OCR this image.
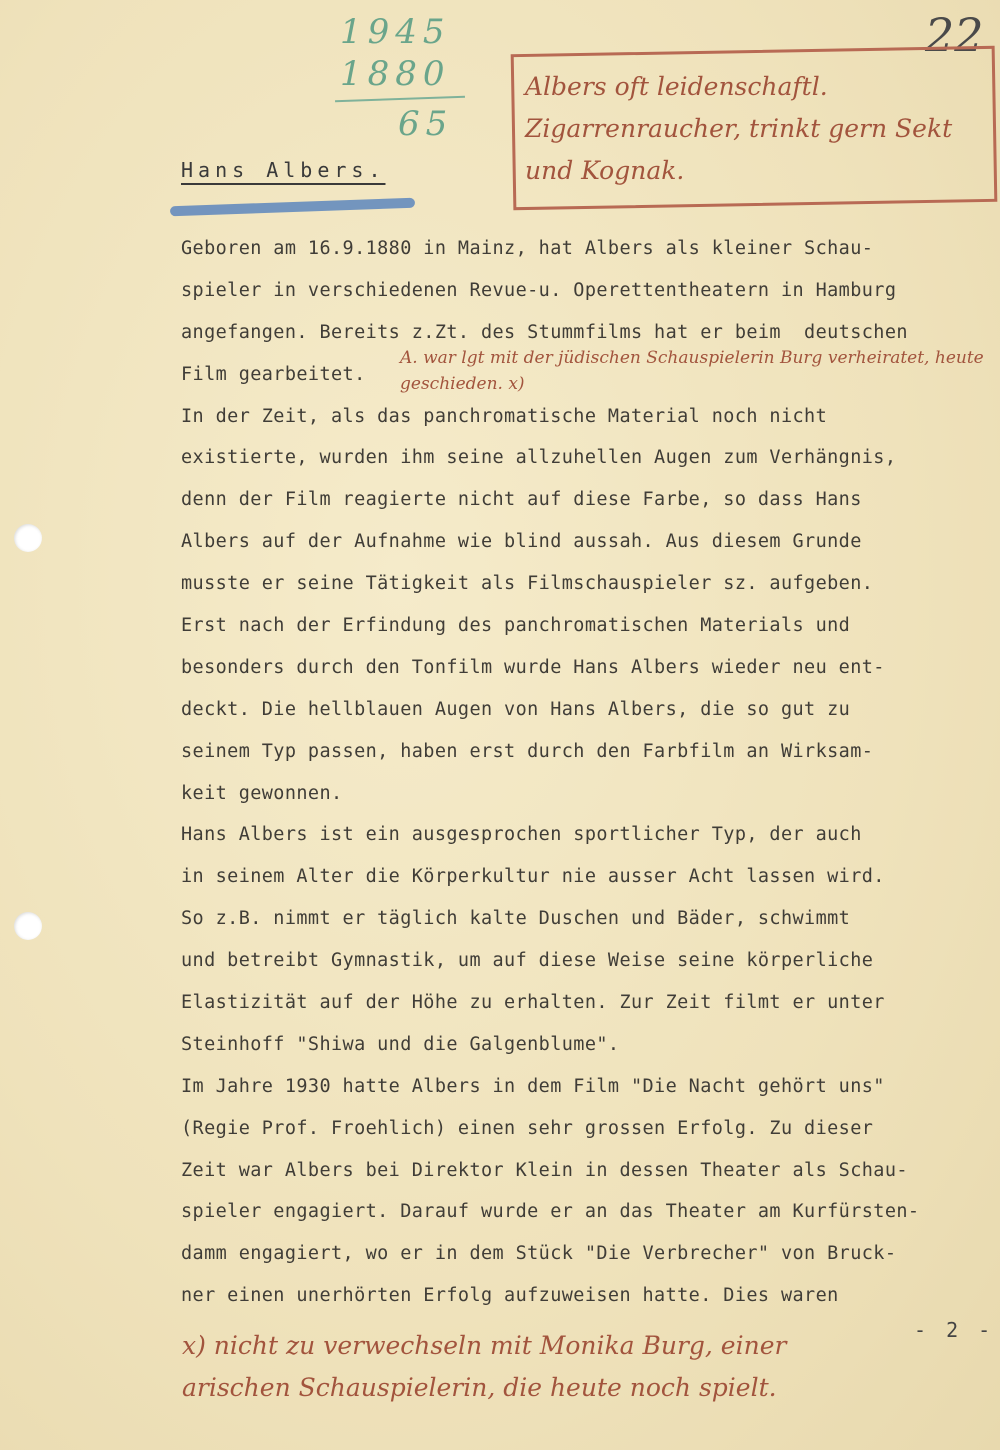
1945
1880
65
22
Albers oft leidenschaftl. Zigarrenraucher, trinkt gern Sekt und Kognak.
Hans Albers.
Geboren am 16.9.1880 in Mainz, hat Albers als kleiner Schau-
spieler in verschiedenen Revue-u. Operettentheatern in Hamburg
angefangen. Bereits z.Zt. des Stummfilms hat er beim  deutschen
Film gearbeitet.
In der Zeit, als das panchromatische Material noch nicht
existierte, wurden ihm seine allzuhellen Augen zum Verhängnis,
denn der Film reagierte nicht auf diese Farbe, so dass Hans
Albers auf der Aufnahme wie blind aussah. Aus diesem Grunde
musste er seine Tätigkeit als Filmschauspieler sz. aufgeben.
Erst nach der Erfindung des panchromatischen Materials und
besonders durch den Tonfilm wurde Hans Albers wieder neu ent-
deckt. Die hellblauen Augen von Hans Albers, die so gut zu
seinem Typ passen, haben erst durch den Farbfilm an Wirksam-
keit gewonnen.
Hans Albers ist ein ausgesprochen sportlicher Typ, der auch
in seinem Alter die Körperkultur nie ausser Acht lassen wird.
So z.B. nimmt er täglich kalte Duschen und Bäder, schwimmt
und betreibt Gymnastik, um auf diese Weise seine körperliche
Elastizität auf der Höhe zu erhalten. Zur Zeit filmt er unter
Steinhoff "Shiwa und die Galgenblume".
Im Jahre 1930 hatte Albers in dem Film "Die Nacht gehört uns"
(Regie Prof. Froehlich) einen sehr grossen Erfolg. Zu dieser
Zeit war Albers bei Direktor Klein in dessen Theater als Schau-
spieler engagiert. Darauf wurde er an das Theater am Kurfürsten-
damm engagiert, wo er in dem Stück "Die Verbrecher" von Bruck-
ner einen unerhörten Erfolg aufzuweisen hatte. Dies waren
A. war lgt mit der jüdischen Schauspielerin Burg verheiratet, heute geschieden. x)
x) nicht zu verwechseln mit Monika Burg, einer arischen Schauspielerin, die heute noch spielt.
- 2 -
